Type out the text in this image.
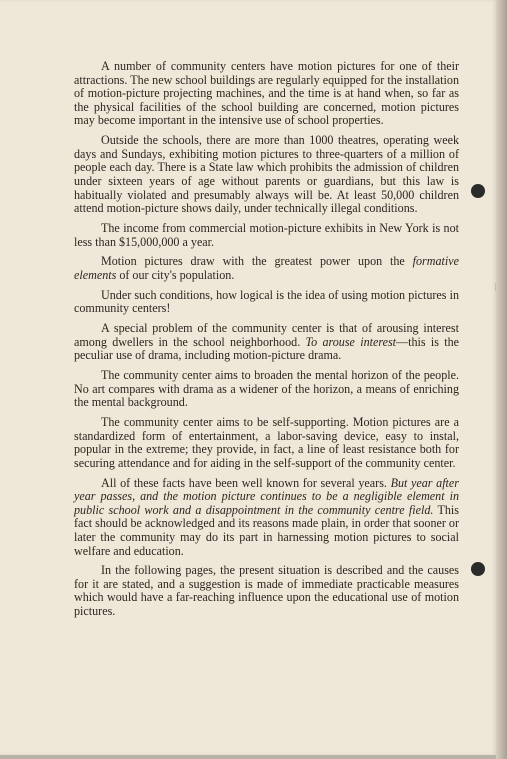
A number of community centers have motion pictures for one of their attractions. The new school buildings are regularly equipped for the installation of motion-picture projecting machines, and the time is at hand when, so far as the physical facilities of the school building are concerned, motion pictures may become important in the intensive use of school properties.

Outside the schools, there are more than 1000 theatres, operating week days and Sundays, exhibiting motion pictures to three-quarters of a million of people each day. There is a State law which prohibits the admission of children under sixteen years of age without parents or guardians, but this law is habitually violated and presumably always will be. At least 50,000 children attend motion-picture shows daily, under technically illegal conditions.

The income from commercial motion-picture exhibits in New York is not less than $15,000,000 a year.

Motion pictures draw with the greatest power upon the formative elements of our city's population.

Under such conditions, how logical is the idea of using motion pictures in community centers!

A special problem of the community center is that of arousing interest among dwellers in the school neighborhood. To arouse interest—this is the peculiar use of drama, including motion-picture drama.

The community center aims to broaden the mental horizon of the people. No art compares with drama as a widener of the horizon, a means of enriching the mental background.

The community center aims to be self-supporting. Motion pictures are a standardized form of entertainment, a labor-saving device, easy to instal, popular in the extreme; they provide, in fact, a line of least resistance both for securing attendance and for aiding in the self-support of the community center.

All of these facts have been well known for several years. But year after year passes, and the motion picture continues to be a negligible element in public school work and a disappointment in the community centre field. This fact should be acknowledged and its reasons made plain, in order that sooner or later the community may do its part in harnessing motion pictures to social welfare and education.

In the following pages, the present situation is described and the causes for it are stated, and a suggestion is made of immediate practicable measures which would have a far-reaching influence upon the educational use of motion pictures.
